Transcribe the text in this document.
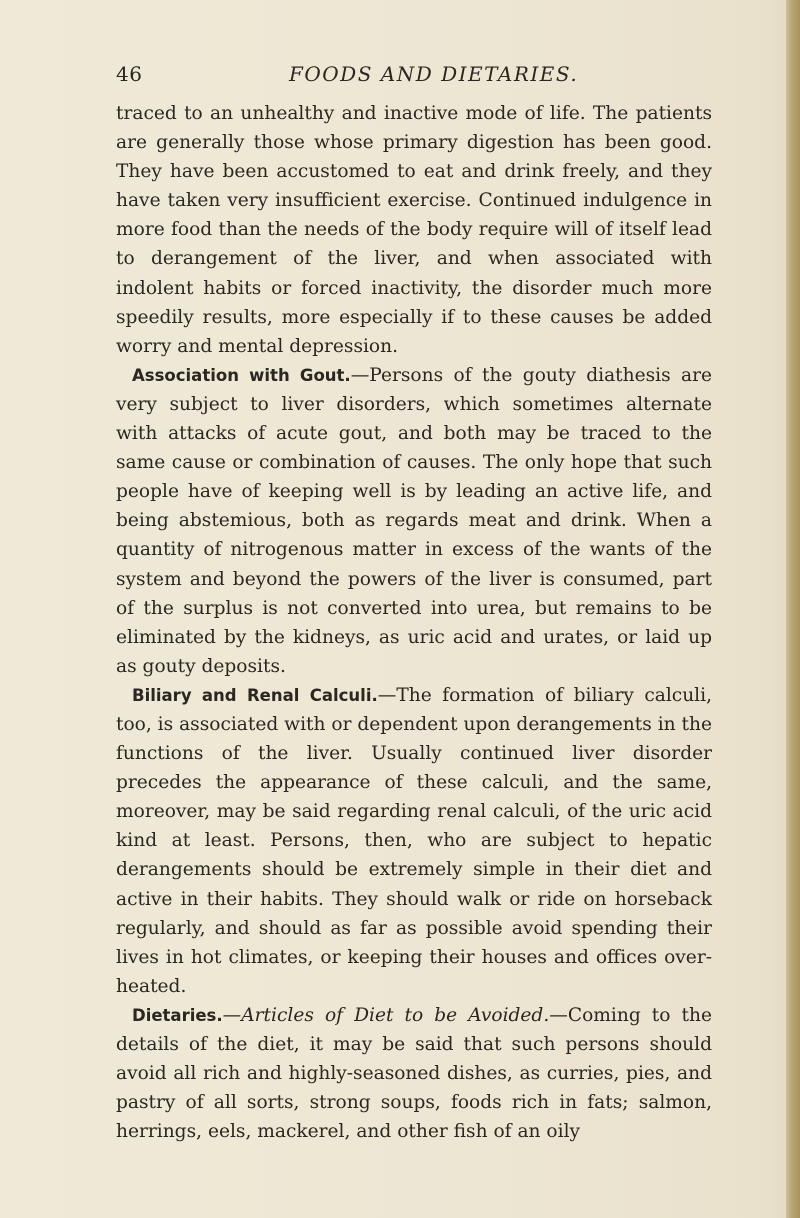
46	FOODS AND DIETARIES.

traced to an unhealthy and inactive mode of life. The patients are generally those whose primary digestion has been good. They have been accustomed to eat and drink freely, and they have taken very insufficient exercise. Continued indulgence in more food than the needs of the body require will of itself lead to derangement of the liver, and when associated with indolent habits or forced inactivity, the disorder much more speedily results, more especially if to these causes be added worry and mental depression.

Association with Gout.—Persons of the gouty diathesis are very subject to liver disorders, which sometimes alternate with attacks of acute gout, and both may be traced to the same cause or combination of causes. The only hope that such people have of keeping well is by leading an active life, and being abstemious, both as regards meat and drink. When a quantity of nitrogenous matter in excess of the wants of the system and beyond the powers of the liver is consumed, part of the surplus is not converted into urea, but remains to be eliminated by the kidneys, as uric acid and urates, or laid up as gouty deposits.

Biliary and Renal Calculi.—The formation of biliary calculi, too, is associated with or dependent upon derangements in the functions of the liver. Usually continued liver disorder precedes the appearance of these calculi, and the same, moreover, may be said regarding renal calculi, of the uric acid kind at least. Persons, then, who are subject to hepatic derangements should be extremely simple in their diet and active in their habits. They should walk or ride on horseback regularly, and should as far as possible avoid spending their lives in hot climates, or keeping their houses and offices over-heated.

Dietaries.—Articles of Diet to be Avoided.—Coming to the details of the diet, it may be said that such persons should avoid all rich and highly-seasoned dishes, as curries, pies, and pastry of all sorts, strong soups, foods rich in fats; salmon, herrings, eels, mackerel, and other fish of an oily
